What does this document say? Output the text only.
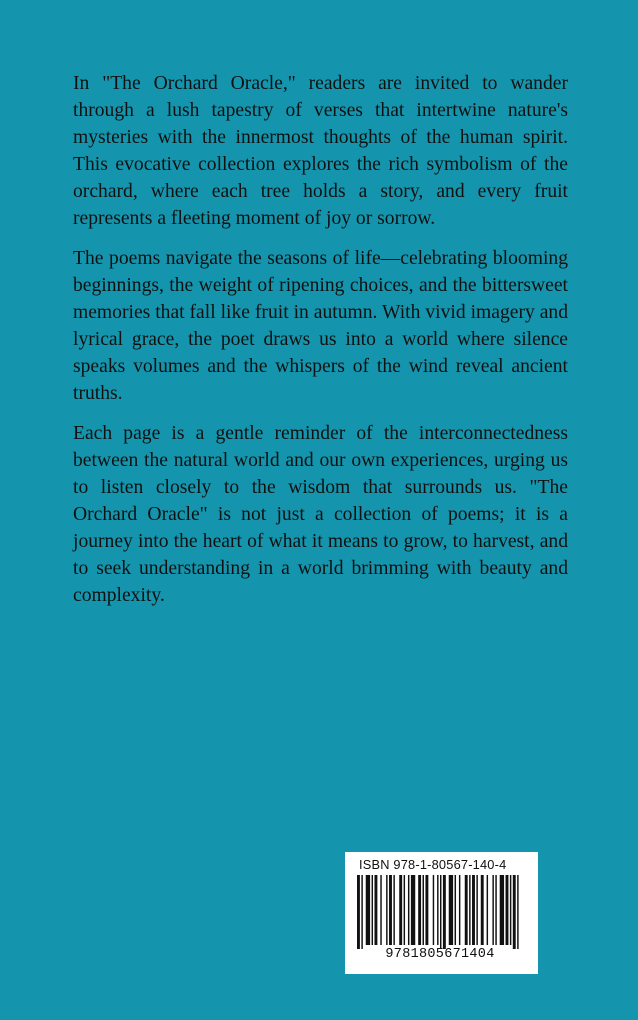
In "The Orchard Oracle," readers are invited to wander through a lush tapestry of verses that intertwine nature's mysteries with the innermost thoughts of the human spirit. This evocative collection explores the rich symbolism of the orchard, where each tree holds a story, and every fruit represents a fleeting moment of joy or sorrow.

The poems navigate the seasons of life—celebrating blooming beginnings, the weight of ripening choices, and the bittersweet memories that fall like fruit in autumn. With vivid imagery and lyrical grace, the poet draws us into a world where silence speaks volumes and the whispers of the wind reveal ancient truths.

Each page is a gentle reminder of the interconnectedness between the natural world and our own experiences, urging us to listen closely to the wisdom that surrounds us. "The Orchard Oracle" is not just a collection of poems; it is a journey into the heart of what it means to grow, to harvest, and to seek understanding in a world brimming with beauty and complexity.

ISBN 978-1-80567-140-4
9781805671404
